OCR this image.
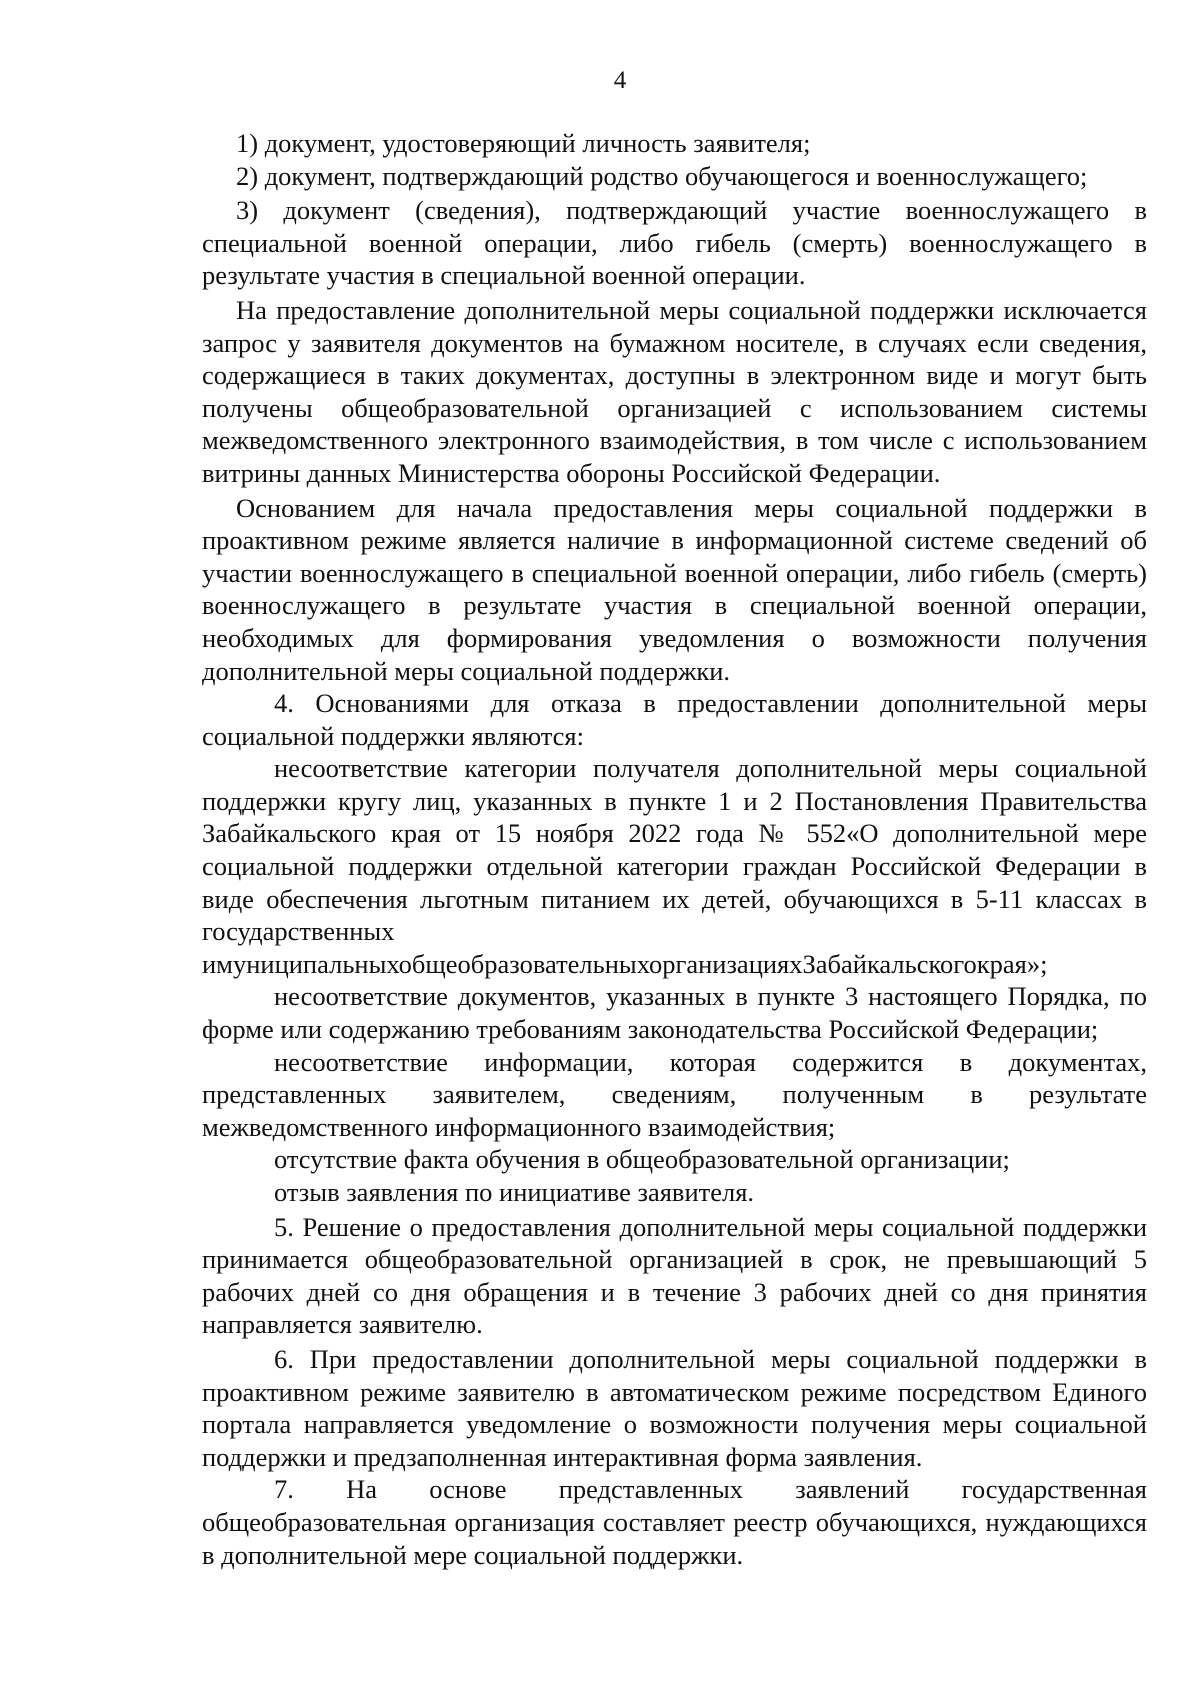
4

1) документ, удостоверяющий личность заявителя;

2) документ, подтверждающий родство обучающегося и военнослужащего;

3) документ (сведения), подтверждающий участие военнослужащего в специальной военной операции, либо гибель (смерть) военнослужащего в результате участия в специальной военной операции.

На предоставление дополнительной меры социальной поддержки исключается запрос у заявителя документов на бумажном носителе, в случаях если сведения, содержащиеся в таких документах, доступны в электронном виде и могут быть получены общеобразовательной организацией с использованием системы межведомственного электронного взаимодействия, в том числе с использованием витрины данных Министерства обороны Российской Федерации.

Основанием для начала предоставления меры социальной поддержки в проактивном режиме является наличие в информационной системе сведений об участии военнослужащего в специальной военной операции, либо гибель (смерть) военнослужащего в результате участия в специальной военной операции, необходимых для формирования уведомления о возможности получения дополнительной меры социальной поддержки.

4. Основаниями для отказа в предоставлении дополнительной меры социальной поддержки являются:

несоответствие категории получателя дополнительной меры социальной поддержки кругу лиц, указанных в пункте 1 и 2 Постановления Правительства Забайкальского края от 15 ноября 2022 года № 552«О дополнительной мере социальной поддержки отдельной категории граждан Российской Федерации в виде обеспечения льготным питанием их детей, обучающихся в 5-11 классах в государственных имуниципальныхобщеобразовательныхорганизацияхЗабайкальскогокрая»;

несоответствие документов, указанных в пункте 3 настоящего Порядка, по форме или содержанию требованиям законодательства Российской Федерации;

несоответствие информации, которая содержится в документах, представленных заявителем, сведениям, полученным в результате межведомственного информационного взаимодействия;

отсутствие факта обучения в общеобразовательной организации;

отзыв заявления по инициативе заявителя.

5. Решение о предоставления дополнительной меры социальной поддержки принимается общеобразовательной организацией в срок, не превышающий 5 рабочих дней со дня обращения и в течение 3 рабочих дней со дня принятия направляется заявителю.

6. При предоставлении дополнительной меры социальной поддержки в проактивном режиме заявителю в автоматическом режиме посредством Единого портала направляется уведомление о возможности получения меры социальной поддержки и предзаполненная интерактивная форма заявления.

7. На основе представленных заявлений государственная общеобразовательная организация составляет реестр обучающихся, нуждающихся в дополнительной мере социальной поддержки.
